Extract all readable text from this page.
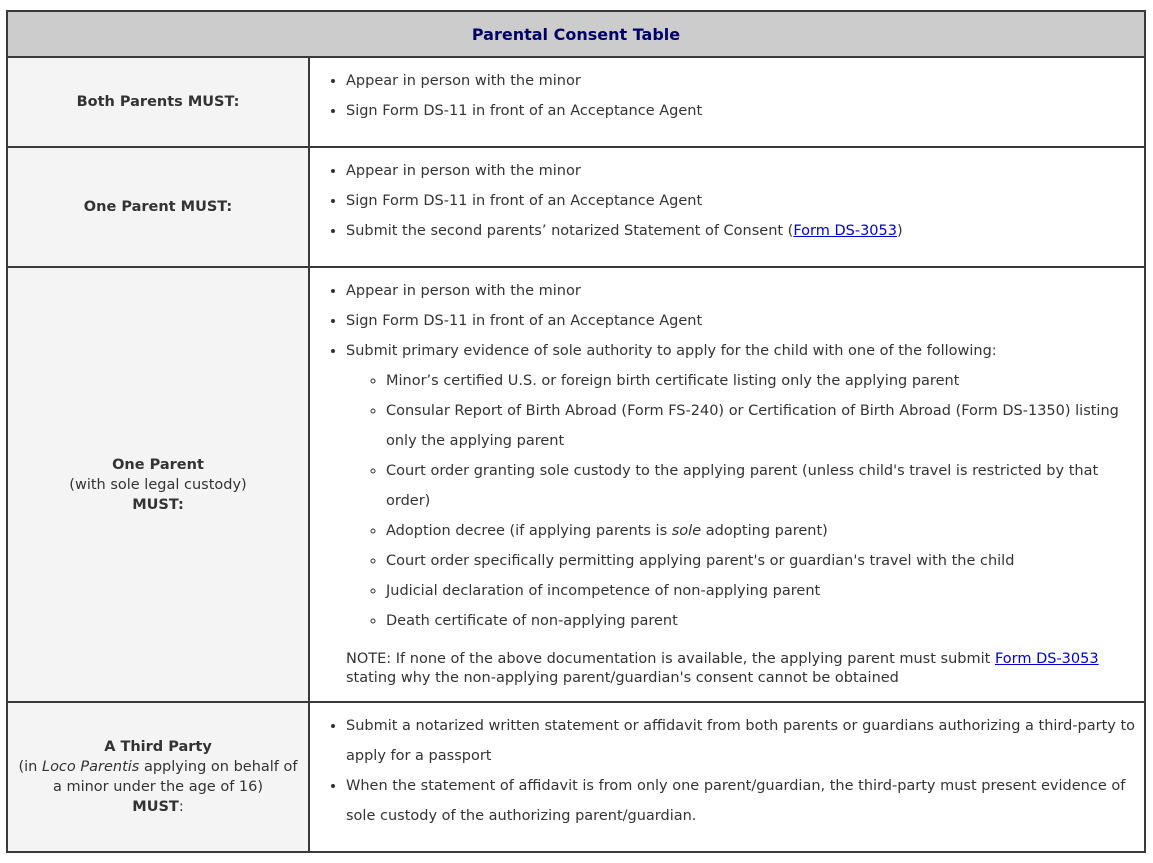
Parental Consent Table	
Both Parents MUST:	
• Appear in person with the minor
• Sign Form DS-11 in front of an Acceptance Agent

One Parent MUST:	
• Appear in person with the minor
• Sign Form DS-11 in front of an Acceptance Agent
• Submit the second parents’ notarized Statement of Consent (Form DS-3053)

One Parent
(with sole legal custody)
MUST:

• Appear in person with the minor
• Sign Form DS-11 in front of an Acceptance Agent
• Submit primary evidence of sole authority to apply for the child with one of the following:
◦ Minor’s certified U.S. or foreign birth certificate listing only the applying parent
◦ Consular Report of Birth Abroad (Form FS-240) or Certification of Birth Abroad (Form DS-1350) listing only the applying parent
◦ Court order granting sole custody to the applying parent (unless child's travel is restricted by that order)
◦ Adoption decree (if applying parents is sole adopting parent)
◦ Court order specifically permitting applying parent's or guardian's travel with the child
◦ Judicial declaration of incompetence of non-applying parent
◦ Death certificate of non-applying parent

NOTE: If none of the above documentation is available, the applying parent must submit Form DS-3053 stating why the non-applying parent/guardian's consent cannot be obtained

A Third Party
(in Loco Parentis applying on behalf of a minor under the age of 16)
MUST:

• Submit a notarized written statement or affidavit from both parents or guardians authorizing a third-party to apply for a passport
• When the statement of affidavit is from only one parent/guardian, the third-party must present evidence of sole custody of the authorizing parent/guardian.
